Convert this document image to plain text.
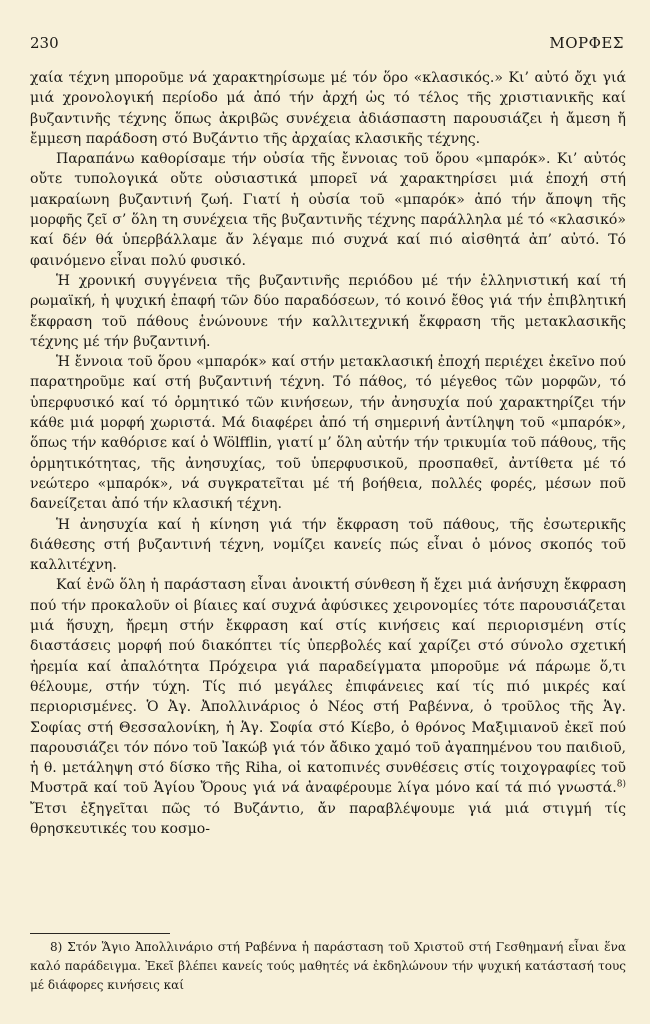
230	ΜΟΡΦΕΣ

χαία τέχνη μποροῦμε νά χαρακτηρίσωμε μέ τόν ὅρο «κλασικός.» Κι’ αὐτό ὄχι γιά μιά χρονολογική περίοδο μά ἀπό τήν ἀρχή ὡς τό τέλος τῆς χριστιανικῆς καί βυζαντινῆς τέχνης ὅπως ἀκριβῶς συνέχεια ἀδιάσπαστη παρουσιάζει ἡ ἄμεση ἤ ἔμμεση παράδοση στό Βυζάντιο τῆς ἀρχαίας κλασικῆς τέχνης.

Παραπάνω καθορίσαμε τήν οὐσία τῆς ἔννοιας τοῦ ὅρου «μπαρόκ». Κι’ αὐτός οὔτε τυπολογικά οὔτε οὐσιαστικά μπορεῖ νά χαρακτηρίσει μιά ἐποχή στή μακραίωνη βυζαντινή ζωή. Γιατί ἡ οὐσία τοῦ «μπαρόκ» ἀπό τήν ἄποψη τῆς μορφῆς ζεῖ σ’ ὅλη τη συνέχεια τῆς βυζαντινῆς τέχνης παράλληλα μέ τό «κλασικό» καί δέν θά ὑπερβάλλαμε ἄν λέγαμε πιό συχνά καί πιό αἰσθητά ἀπ’ αὐτό. Τό φαινόμενο εἶναι πολύ φυσικό.

Ἡ χρονική συγγένεια τῆς βυζαντινῆς περιόδου μέ τήν ἑλληνιστική καί τή ρωμαϊκή, ἡ ψυχική ἐπαφή τῶν δύο παραδόσεων, τό κοινό ἔθος γιά τήν ἐπιβλητική ἔκφραση τοῦ πάθους ἑνώνουνε τήν καλλιτεχνική ἔκφραση τῆς μετακλασικῆς τέχνης μέ τήν βυζαντινή.

Ἡ ἔννοια τοῦ ὅρου «μπαρόκ» καί στήν μετακλασική ἐποχή περιέχει ἐκεῖνο πού παρατηροῦμε καί στή βυζαντινή τέχνη. Τό πάθος, τό μέγεθος τῶν μορφῶν, τό ὑπερφυσικό καί τό ὁρμητικό τῶν κινήσεων, τήν ἀνησυχία πού χαρακτηρίζει τήν κάθε μιά μορφή χωριστά. Μά διαφέρει ἀπό τή σημερινή ἀντίληψη τοῦ «μπαρόκ», ὅπως τήν καθόρισε καί ὁ Wölfflin, γιατί μ’ ὅλη αὐτήν τήν τρικυμία τοῦ πάθους, τῆς ὁρμητικότητας, τῆς ἀνησυχίας, τοῦ ὑπερφυσικοῦ, προσπαθεῖ, ἀντίθετα μέ τό νεώτερο «μπαρόκ», νά συγκρατεῖται μέ τή βοήθεια, πολλές φορές, μέσων ποῦ δανείζεται ἀπό τήν κλασική τέχνη.

Ἡ ἀνησυχία καί ἡ κίνηση γιά τήν ἔκφραση τοῦ πάθους, τῆς ἐσωτερικῆς διάθεσης στή βυζαντινή τέχνη, νομίζει κανείς πώς εἶναι ὁ μόνος σκοπός τοῦ καλλιτέχνη.

Καί ἐνῶ ὅλη ἡ παράσταση εἶναι ἀνοικτή σύνθεση ἤ ἔχει μιά ἀνήσυχη ἔκφραση πού τήν προκαλοῦν οἱ βίαιες καί συχνά ἀφύσικες χειρονομίες τότε παρουσιάζεται μιά ἥσυχη, ἤρεμη στήν ἔκφραση καί στίς κινήσεις καί περιορισμένη στίς διαστάσεις μορφή πού διακόπτει τίς ὑπερβολές καί χαρίζει στό σύνολο σχετική ἠρεμία καί ἀπαλότητα Πρόχειρα γιά παραδείγματα μποροῦμε νά πάρωμε ὅ,τι θέλουμε, στήν τύχη. Τίς πιό μεγάλες ἐπιφάνειες καί τίς πιό μικρές καί περιορισμένες. Ὁ Ἀγ. Ἀπολλινάριος ὁ Νέος στή Ραβέννα, ὁ τροῦλος τῆς Ἁγ. Σοφίας στή Θεσσαλονίκη, ἡ Ἁγ. Σοφία στό Κίεβο, ὁ θρόνος Μαξιμιανοῦ ἐκεῖ πού παρουσιάζει τόν πόνο τοῦ Ἰακώβ γιά τόν ἄδικο χαμό τοῦ ἀγαπημένου του παιδιοῦ, ἡ θ. μετάληψη στό δίσκο τῆς Riha, οἱ κατοπινές συνθέσεις στίς τοιχογραφίες τοῦ Μυστρᾶ καί τοῦ Ἁγίου Ὄρους γιά νά ἀναφέρουμε λίγα μόνο καί τά πιό γνωστά.$^{8)}$ Ἔτσι ἐξηγεῖται πῶς τό Βυζάντιο, ἄν παραβλέψουμε γιά μιά στιγμή τίς θρησκευτικές του κοσμο-

8) Στόν Ἅγιο Ἀπολλινάριο στή Ραβέννα ἡ παράσταση τοῦ Χριστοῦ στή Γεσθημανή εἶναι ἕνα καλό παράδειγμα. Ἐκεῖ βλέπει κανείς τούς μαθητές νά ἐκδηλώνουν τήν ψυχική κατάστασή τους μέ διάφορες κινήσεις καί
